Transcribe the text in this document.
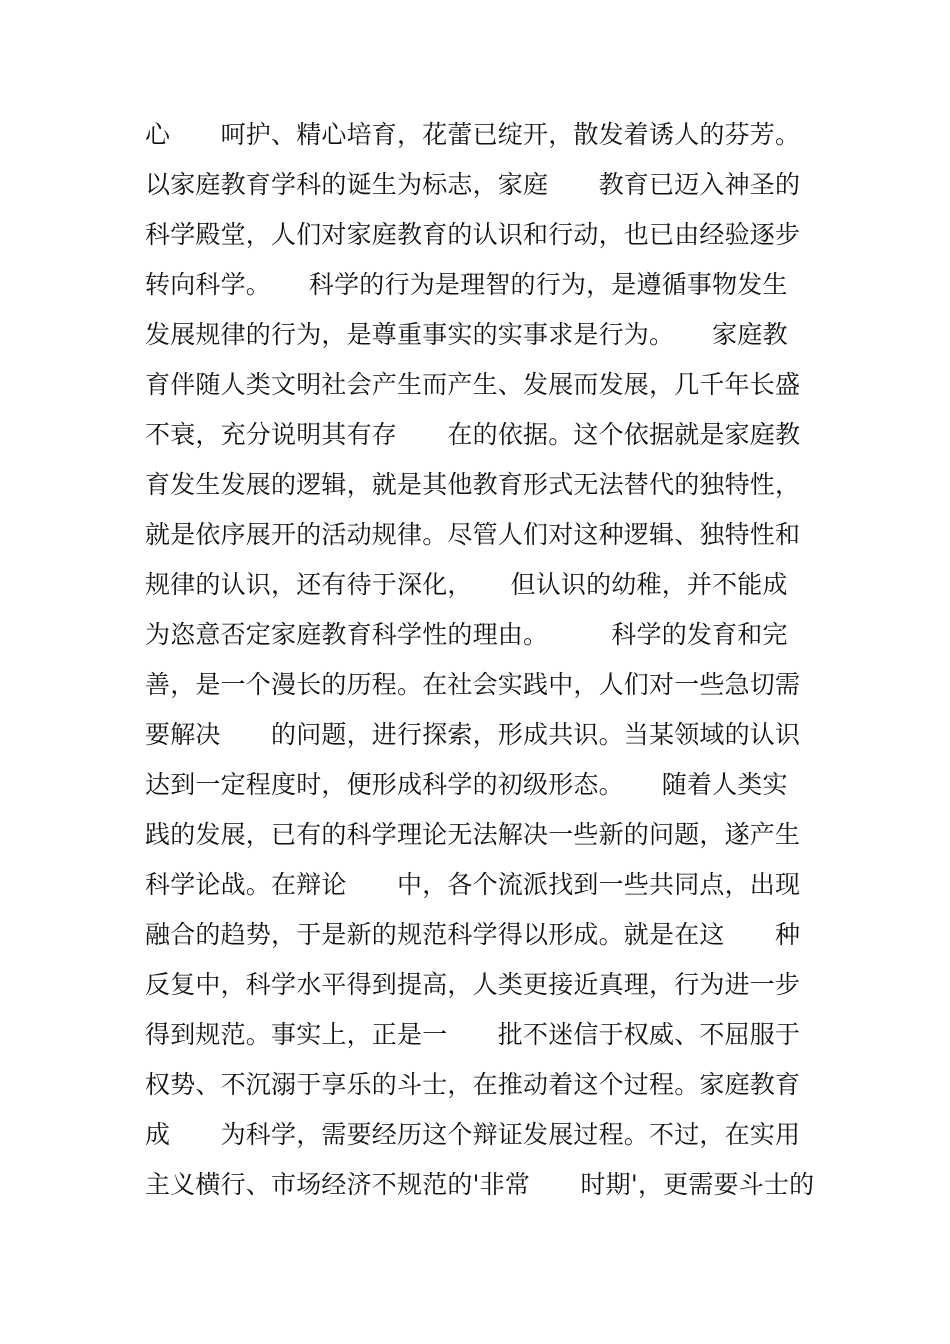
心　　呵护、精心培育，花蕾已绽开，散发着诱人的芬芳。
以家庭教育学科的诞生为标志，家庭　　教育已迈入神圣的
科学殿堂，人们对家庭教育的认识和行动，也已由经验逐步
转向科学。　　科学的行为是理智的行为，是遵循事物发生
发展规律的行为，是尊重事实的实事求是行为。　　家庭教
育伴随人类文明社会产生而产生、发展而发展，几千年长盛
不衰，充分说明其有存　　在的依据。这个依据就是家庭教
育发生发展的逻辑，就是其他教育形式无法替代的独特性，
就是依序展开的活动规律。尽管人们对这种逻辑、独特性和
规律的认识，还有待于深化，　　但认识的幼稚，并不能成
为恣意否定家庭教育科学性的理由。　　　科学的发育和完
善，是一个漫长的历程。在社会实践中，人们对一些急切需
要解决　　的问题，进行探索，形成共识。当某领域的认识
达到一定程度时，便形成科学的初级形态。　　随着人类实
践的发展，已有的科学理论无法解决一些新的问题，遂产生
科学论战。在辩论　　中，各个流派找到一些共同点，出现
融合的趋势，于是新的规范科学得以形成。就是在这　　种
反复中，科学水平得到提高，人类更接近真理，行为进一步
得到规范。事实上，正是一　　批不迷信于权威、不屈服于
权势、不沉溺于享乐的斗士，在推动着这个过程。家庭教育
成　　为科学，需要经历这个辩证发展过程。不过，在实用
主义横行、市场经济不规范的'非常　　时期'，更需要斗士的
